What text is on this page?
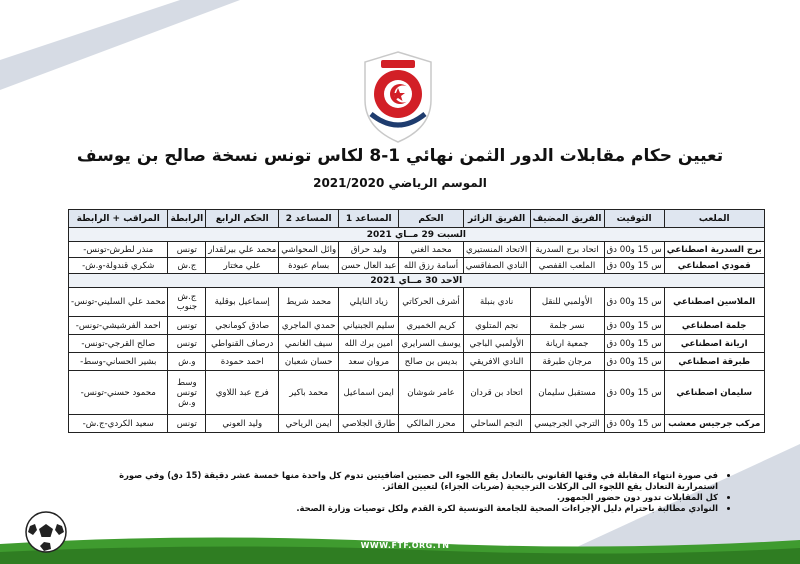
تعيين حكام مقابلات الدور الثمن نهائي 1-8 لكاس تونس نسخة صالح بن يوسف
الموسم الرياضي 2021/2020
الملعب	التوقيت	الفريق المضيف	الفريق الزائر	الحكم	المساعد 1	المساعد 2	الحكم الرابع	الرابطة	المراقب + الرابطة
السبت 29 مــاي 2021									
برج السدرية اصطناعي	س 15 و00 دق	اتحاد برج السدرية	الاتحاد المنستيري	محمد الغني	وليد حراق	وائل المحواشي	محمد علي بيرلقدار	تونس	منذر لطرش-تونس-
قمودي اصطناعي	س 15 و00 دق	الملعب القفصي	النادي الصفاقسي	أسامة رزق الله	عبد العال حسن	بسام عبودة	علي مختار	ج.ش	شكري قندولة-و.ش-
الاحد 30 مــاي 2021									
الملاسين اصطناعي	س 15 و00 دق	الأولمبي للنقل	نادي بنبلة	أشرف الحركاتي	زياد النايلي	محمد شريط	إسماعيل بوقلية	ج.ش جنوب	محمد علي السليني-تونس-
جلمة اصطناعي	س 15 و00 دق	نسر جلمة	نجم المتلوي	كريم الخميري	سليم الجبنياني	حمدي الماجري	صادق كومانجي	تونس	احمد الفرشيشي-تونس-
اريانة اصطناعي	س 15 و00 دق	جمعية اريانة	الأولمبي الباجي	يوسف السرايري	امين برك الله	سيف الغانمي	درصاف القنواطي	تونس	صالح القرجي-تونس-
طبرقة اصطناعي	س 15 و00 دق	مرجان طبرقة	النادي الافريقي	بديس بن صالح	مروان سعد	حسان شعبان	احمد حمودة	و.ش	بشير الحساني-وسط-
سليمان اصطناعي	س 15 و00 دق	مستقبل سليمان	اتحاد بن قردان	عامر شوشان	ايمن اسماعيل	محمد باكير	فرج عبد اللاوي	وسط تونس و.ش	محمود حسني-تونس-
مركب جرجيس معشب	س 15 و00 دق	الترجي الجرجيسي	النجم الساحلي	محرز المالكي	طارق الجلاصي	ايمن الرياحي	وليد العوني	تونس	سعيد الكردي-ج.ش-
• في صورة انتهاء المقابلة في وقتها القانوني بالتعادل يقع اللجوء الى حصتين اضافيتين تدوم كل واحدة منها خمسة عشر دقيقة (15 دق) وفي صورة استمرارية التعادل يقع اللجوء الى الركلات الترجيحية (ضربات الجزاء) لتعيين الفائز.
• كل المقابلات تدور دون حضور الجمهور.
• النوادي مطالبة باحترام دليل الإجراءات الصحية للجامعة التونسية لكرة القدم ولكل توصيات وزارة الصحة.
WWW.FTF.ORG.TN
